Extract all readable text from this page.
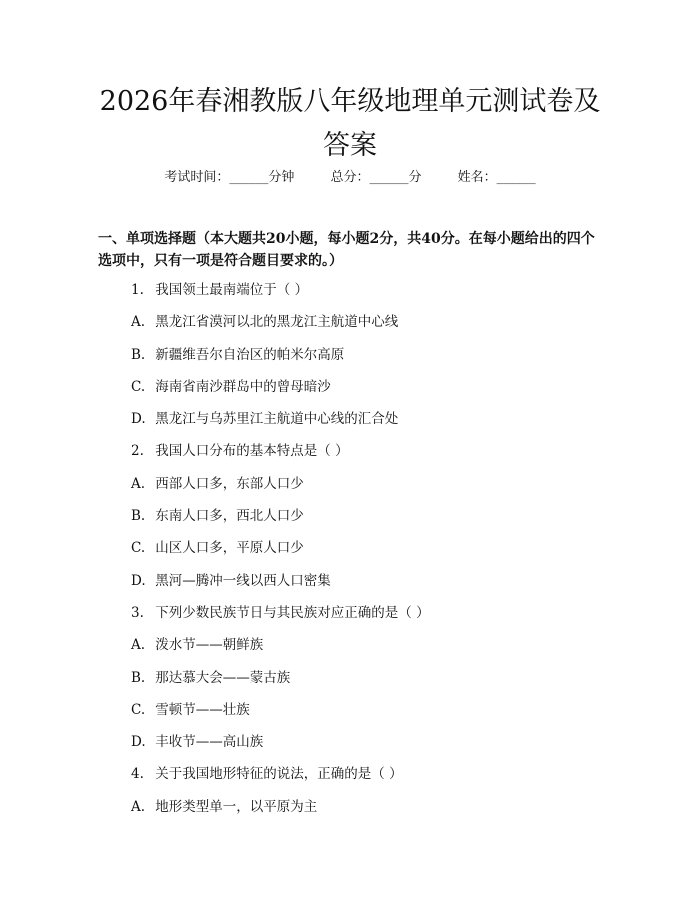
2026年春湘教版八年级地理单元测试卷及答案
考试时间：______分钟	总分：______分	姓名：______
一、单项选择题（本大题共20小题，每小题2分，共40分。在每小题给出的四个选项中，只有一项是符合题目要求的。）
1. 我国领土最南端位于（ ）
A. 黑龙江省漠河以北的黑龙江主航道中心线
B. 新疆维吾尔自治区的帕米尔高原
C. 海南省南沙群岛中的曾母暗沙
D. 黑龙江与乌苏里江主航道中心线的汇合处
2. 我国人口分布的基本特点是（ ）
A. 西部人口多，东部人口少
B. 东南人口多，西北人口少
C. 山区人口多，平原人口少
D. 黑河—腾冲一线以西人口密集
3. 下列少数民族节日与其民族对应正确的是（ ）
A. 泼水节——朝鲜族
B. 那达慕大会——蒙古族
C. 雪顿节——壮族
D. 丰收节——高山族
4. 关于我国地形特征的说法，正确的是（ ）
A. 地形类型单一，以平原为主
